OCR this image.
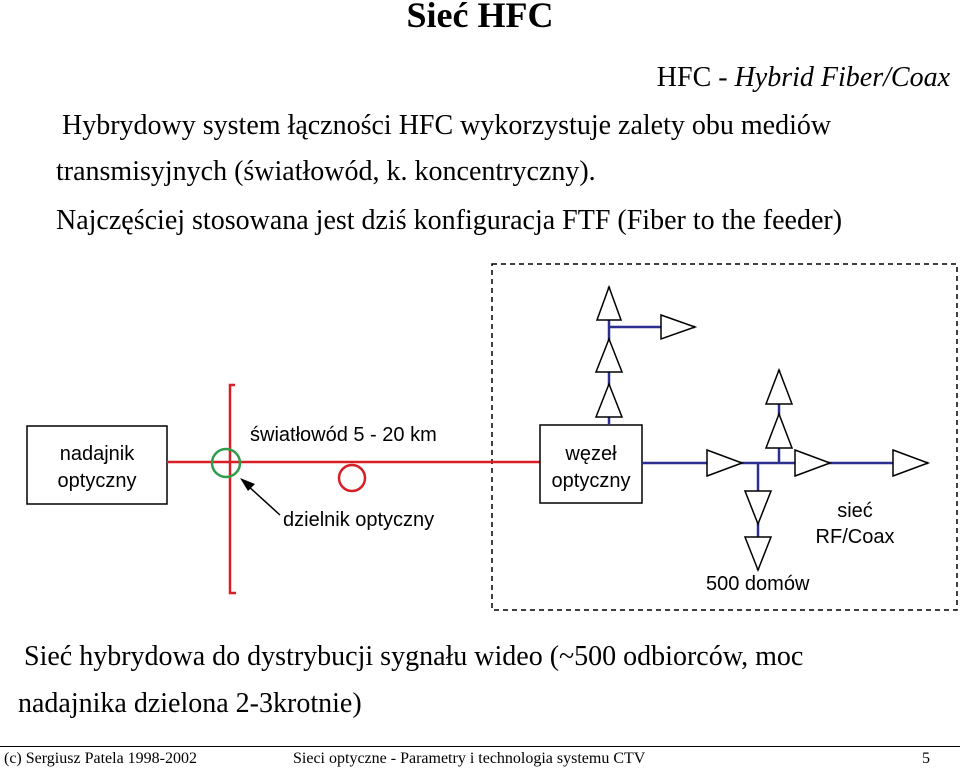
Sieć HFC
HFC - Hybrid Fiber/Coax
Hybrydowy system łączności HFC wykorzystuje zalety obu mediów
transmisyjnych (światłowód, k. koncentryczny).
Najczęściej stosowana jest dziś konfiguracja FTF (Fiber to the feeder)
nadajnik
optyczny
światłowód 5 - 20 km
dzielnik optyczny
węzeł
optyczny
sieć
RF/Coax
500 domów
Sieć hybrydowa do dystrybucji sygnału wideo (~500 odbiorców, moc
nadajnika dzielona 2-3krotnie)
(c) Sergiusz Patela 1998-2002	Sieci optyczne - Parametry i technologia systemu CTV	5
